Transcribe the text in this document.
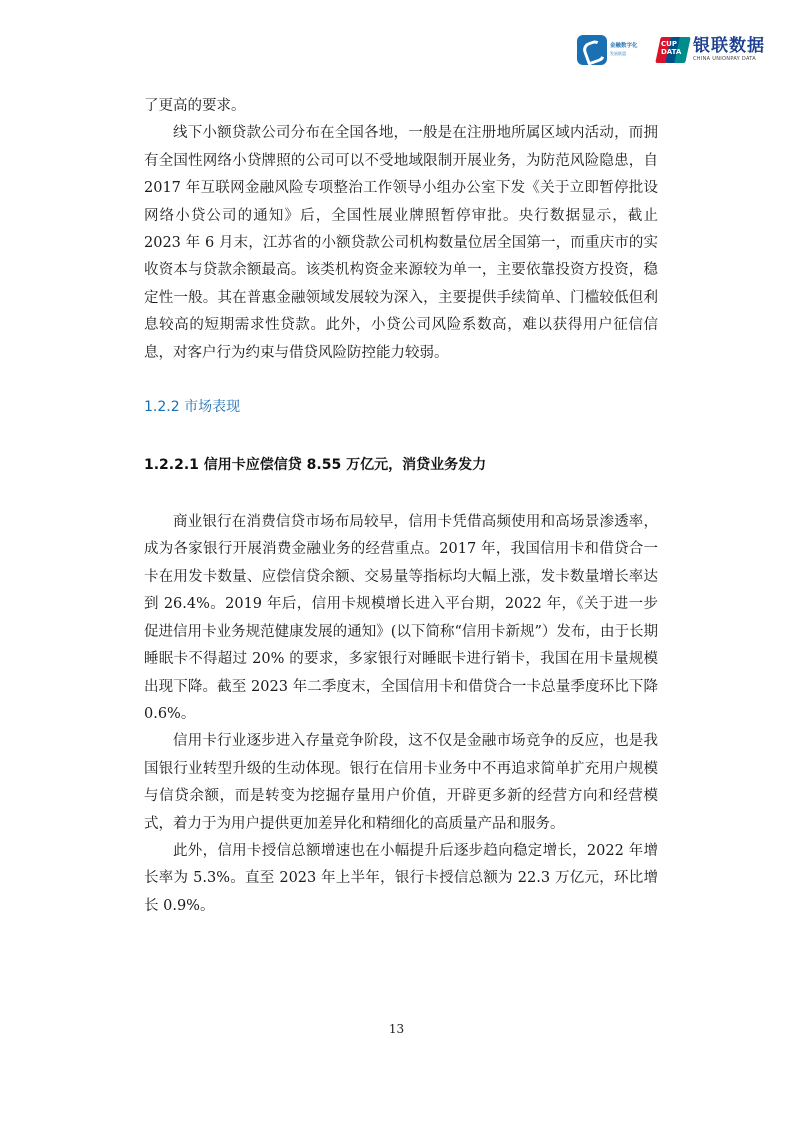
金融数字化
发展联盟
CUP
DATA 银联数据
CHINA UNIONPAY DATA

了更高的要求。

线下小额贷款公司分布在全国各地，一般是在注册地所属区域内活动，而拥有全国性网络小贷牌照的公司可以不受地域限制开展业务，为防范风险隐患，自 2017 年互联网金融风险专项整治工作领导小组办公室下发《关于立即暂停批设网络小贷公司的通知》后，全国性展业牌照暂停审批。央行数据显示，截止 2023 年 6 月末，江苏省的小额贷款公司机构数量位居全国第一，而重庆市的实收资本与贷款余额最高。该类机构资金来源较为单一，主要依靠投资方投资，稳定性一般。其在普惠金融领域发展较为深入，主要提供手续简单、门槛较低但利息较高的短期需求性贷款。此外，小贷公司风险系数高，难以获得用户征信信息，对客户行为约束与借贷风险防控能力较弱。

1.2.2 市场表现
1.2.2.1 信用卡应偿信贷 8.55 万亿元，消贷业务发力

商业银行在消费信贷市场布局较早，信用卡凭借高频使用和高场景渗透率，成为各家银行开展消费金融业务的经营重点。2017 年，我国信用卡和借贷合一卡在用发卡数量、应偿信贷余额、交易量等指标均大幅上涨，发卡数量增长率达到 26.4%。2019 年后，信用卡规模增长进入平台期，2022 年，《关于进一步促进信用卡业务规范健康发展的通知》(以下简称“信用卡新规”）发布，由于长期睡眠卡不得超过 20% 的要求，多家银行对睡眠卡进行销卡，我国在用卡量规模出现下降。截至 2023 年二季度末，全国信用卡和借贷合一卡总量季度环比下降 0.6%。

信用卡行业逐步进入存量竞争阶段，这不仅是金融市场竞争的反应，也是我国银行业转型升级的生动体现。银行在信用卡业务中不再追求简单扩充用户规模与信贷余额，而是转变为挖掘存量用户价值，开辟更多新的经营方向和经营模式，着力于为用户提供更加差异化和精细化的高质量产品和服务。

此外，信用卡授信总额增速也在小幅提升后逐步趋向稳定增长，2022 年增长率为 5.3%。直至 2023 年上半年，银行卡授信总额为 22.3 万亿元，环比增长 0.9%。

13
